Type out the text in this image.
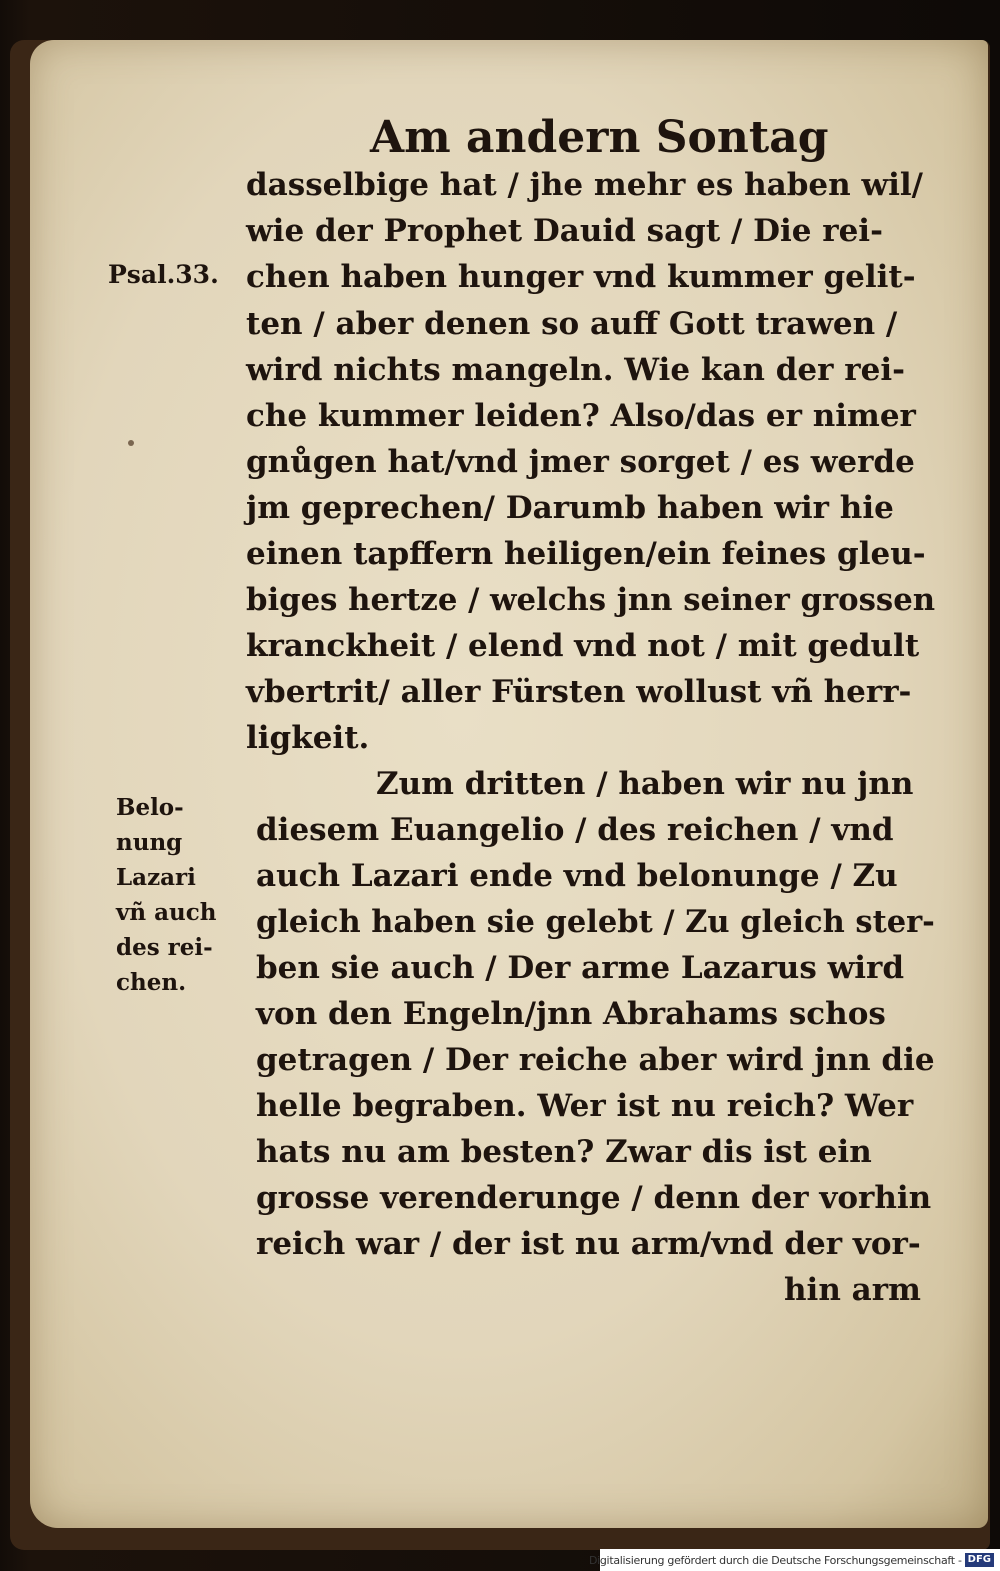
Am andern Sontag
dasselbige hat / jhe mehr es haben wil/
wie der Prophet Dauid sagt / Die rei-
chen haben hunger vnd kummer gelit-
ten / aber denen so auff Gott trawen /
wird nichts mangeln. Wie kan der rei-
che kummer leiden? Also/das er nimer
gnůgen hat/vnd jmer sorget / es werde
jm geprechen/ Darumb haben wir hie
einen tapffern heiligen/ein feines gleu-
biges hertze / welchs jnn seiner grossen
kranckheit / elend vnd not / mit gedult
vbertrit/ aller Fürsten wollust vñ herr-
ligkeit.
Zum dritten / haben wir nu jnn
diesem Euangelio / des reichen / vnd
auch Lazari ende vnd belonunge / Zu
gleich haben sie gelebt / Zu gleich ster-
ben sie auch / Der arme Lazarus wird
von den Engeln/jnn Abrahams schos
getragen / Der reiche aber wird jnn die
helle begraben. Wer ist nu reich? Wer
hats nu am besten? Zwar dis ist ein
grosse verenderunge / denn der vorhin
reich war / der ist nu arm/vnd der vor-
hin arm
Psal.33.
Belo-
nung
Lazari
vñ auch
des rei-
chen.
Digitalisierung gefördert durch die Deutsche Forschungsgemeinschaft - DFG
